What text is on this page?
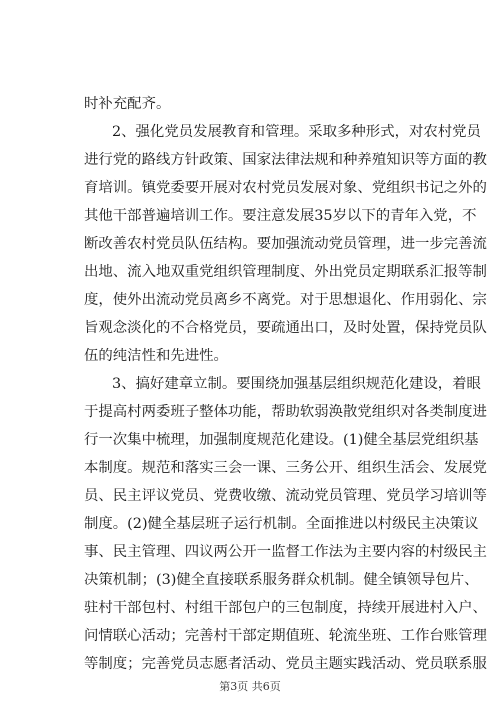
时补充配齐。
2、强化党员发展教育和管理。采取多种形式，对农村党员
进行党的路线方针政策、国家法律法规和种养殖知识等方面的教
育培训。镇党委要开展对农村党员发展对象、党组织书记之外的
其他干部普遍培训工作。要注意发展35岁以下的青年入党，不
断改善农村党员队伍结构。要加强流动党员管理，进一步完善流
出地、流入地双重党组织管理制度、外出党员定期联系汇报等制
度，使外出流动党员离乡不离党。对于思想退化、作用弱化、宗
旨观念淡化的不合格党员，要疏通出口，及时处置，保持党员队
伍的纯洁性和先进性。
3、搞好建章立制。要围绕加强基层组织规范化建设，着眼
于提高村两委班子整体功能，帮助软弱涣散党组织对各类制度进
行一次集中梳理，加强制度规范化建设。(1)健全基层党组织基
本制度。规范和落实三会一课、三务公开、组织生活会、发展党
员、民主评议党员、党费收缴、流动党员管理、党员学习培训等
制度。(2)健全基层班子运行机制。全面推进以村级民主决策议
事、民主管理、四议两公开一监督工作法为主要内容的村级民主
决策机制；(3)健全直接联系服务群众机制。健全镇领导包片、
驻村干部包村、村组干部包户的三包制度，持续开展进村入户、
问情联心活动；完善村干部定期值班、轮流坐班、工作台账管理
等制度；完善党员志愿者活动、党员主题实践活动、党员联系服
第3页 共6页
